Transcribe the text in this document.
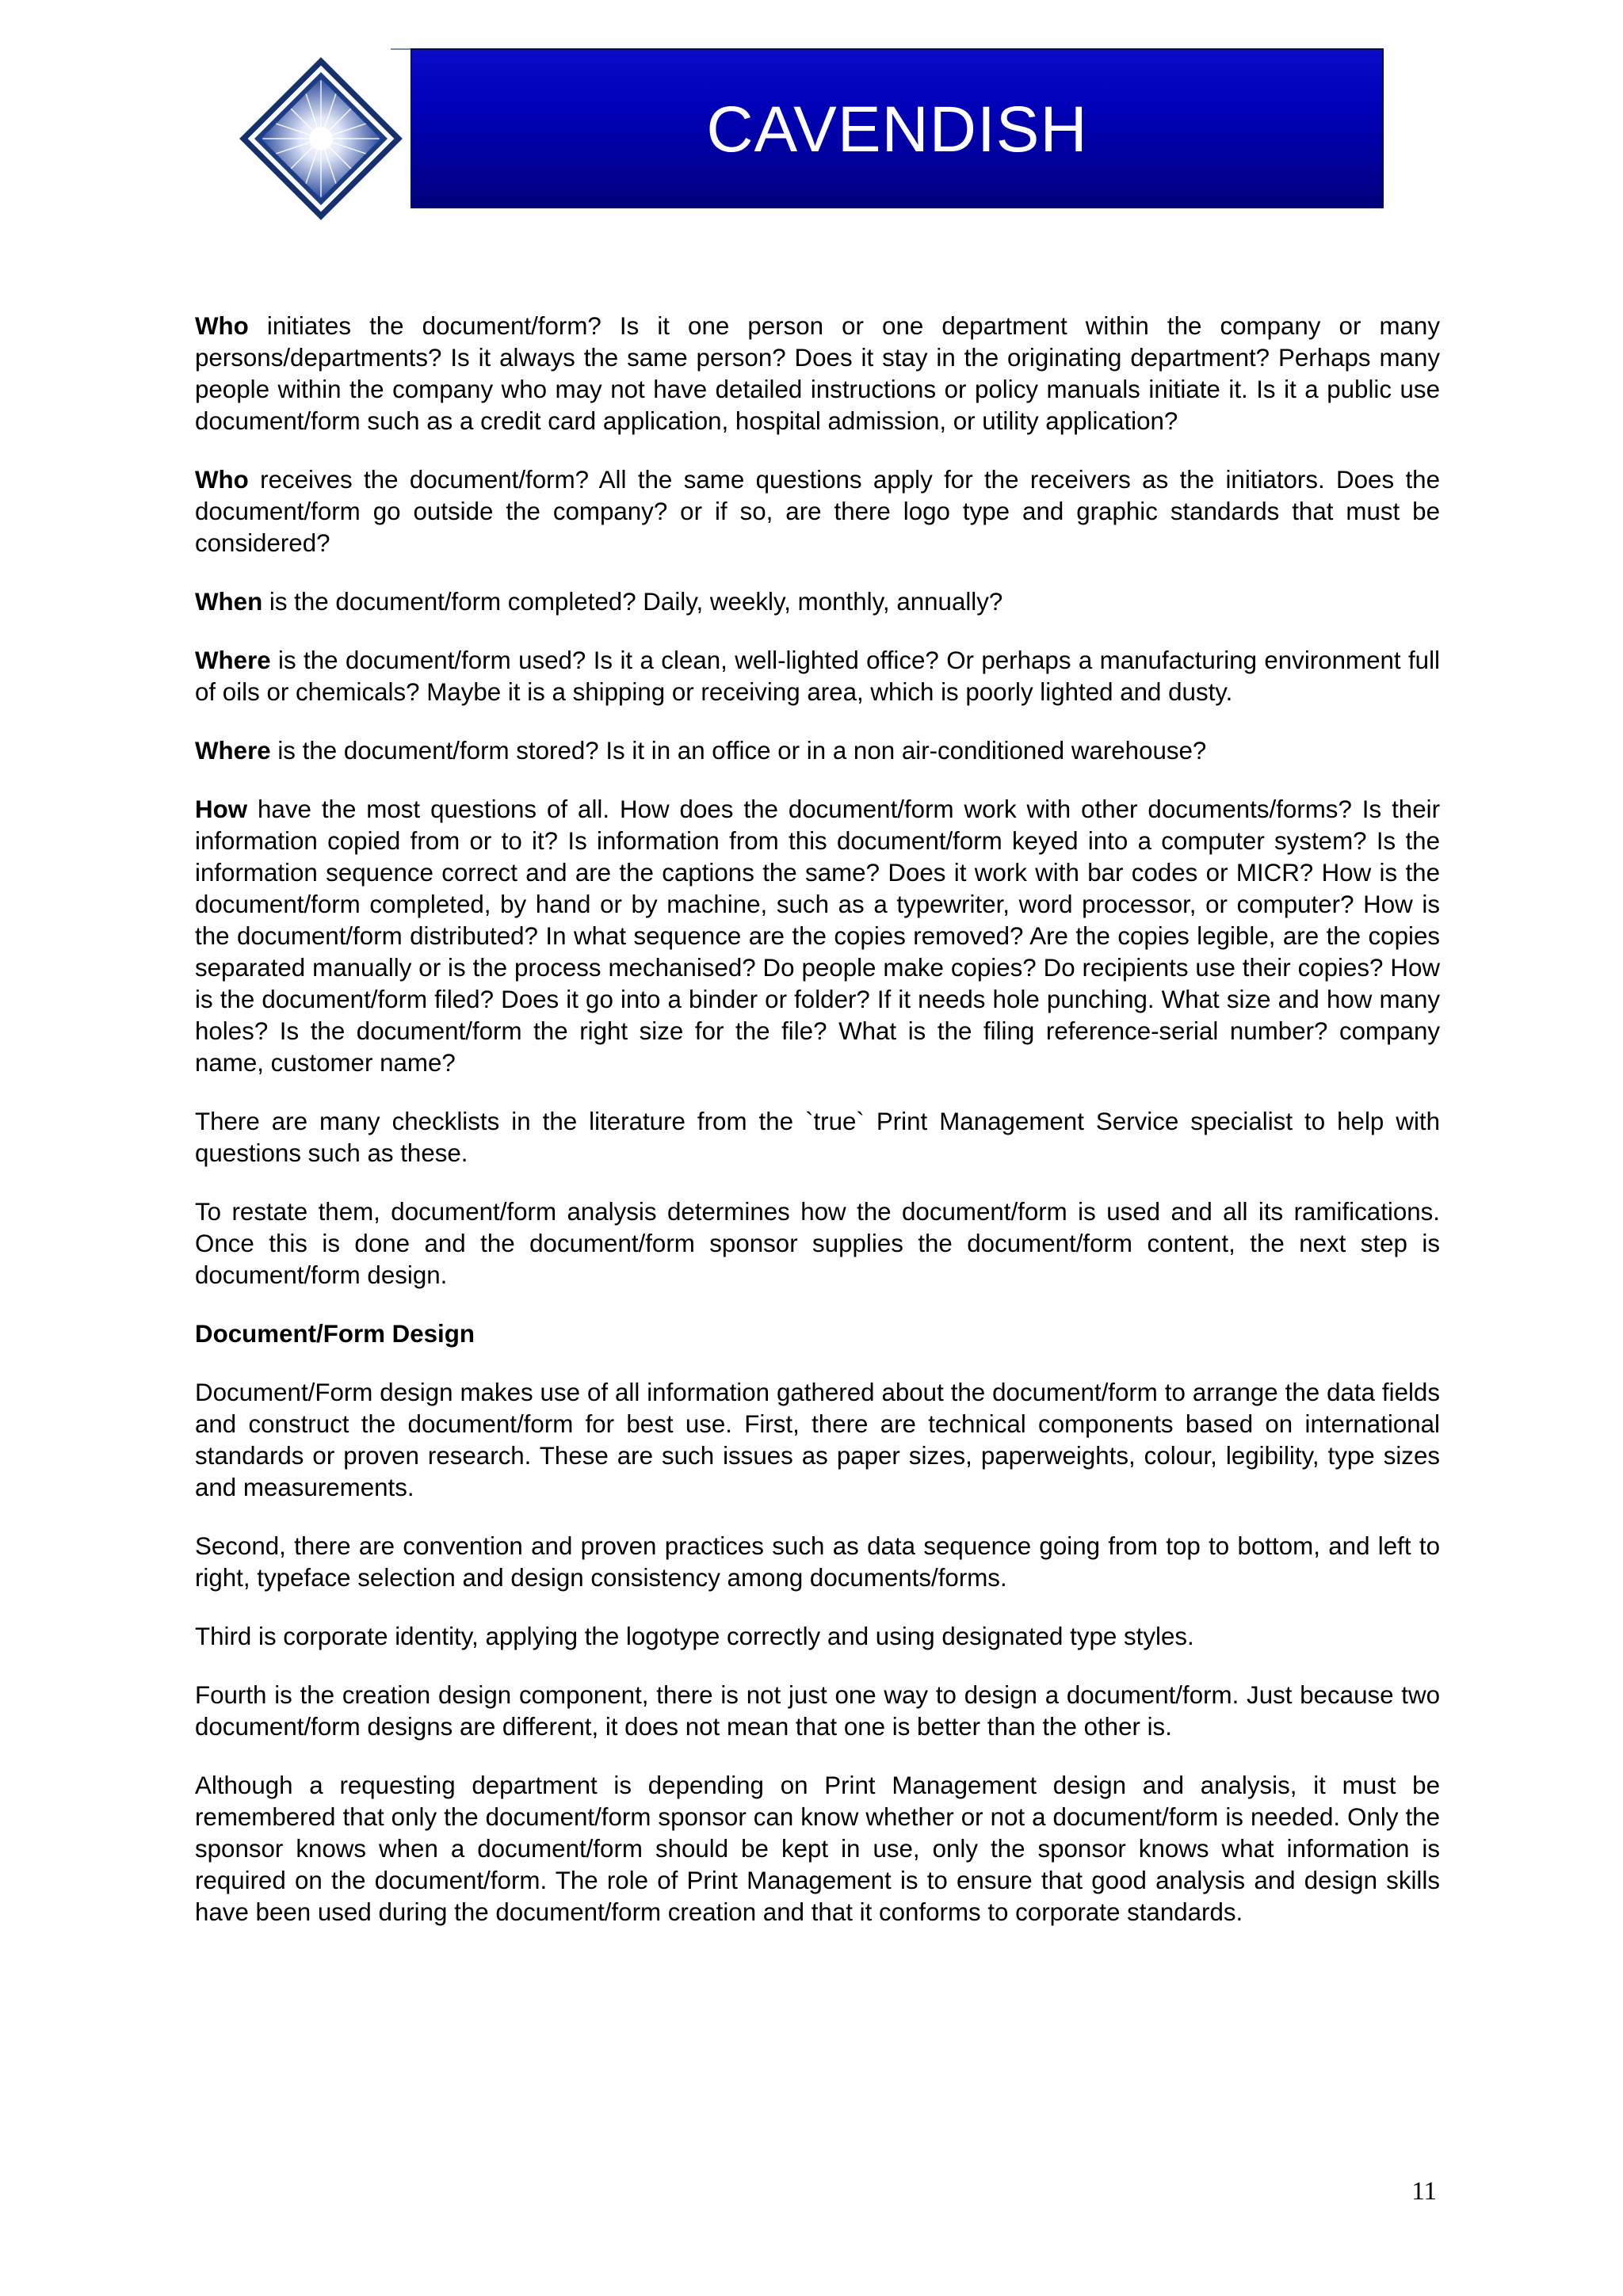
CAVENDISH

Who initiates the document/form? Is it one person or one department within the company or many persons/departments? Is it always the same person? Does it stay in the originating department? Perhaps many people within the company who may not have detailed instructions or policy manuals initiate it. Is it a public use document/form such as a credit card application, hospital admission, or utility application?

Who receives the document/form? All the same questions apply for the receivers as the initiators. Does the document/form go outside the company? or if so, are there logo type and graphic standards that must be considered?

When is the document/form completed? Daily, weekly, monthly, annually?

Where is the document/form used? Is it a clean, well-lighted office? Or perhaps a manufacturing environment full of oils or chemicals? Maybe it is a shipping or receiving area, which is poorly lighted and dusty.

Where is the document/form stored? Is it in an office or in a non air-conditioned warehouse?

How have the most questions of all. How does the document/form work with other documents/forms? Is their information copied from or to it? Is information from this document/form keyed into a computer system? Is the information sequence correct and are the captions the same? Does it work with bar codes or MICR? How is the document/form completed, by hand or by machine, such as a typewriter, word processor, or computer? How is the document/form distributed? In what sequence are the copies removed? Are the copies legible, are the copies separated manually or is the process mechanised? Do people make copies? Do recipients use their copies? How is the document/form filed? Does it go into a binder or folder? If it needs hole punching. What size and how many holes? Is the document/form the right size for the file? What is the filing reference-serial number? company name, customer name?

There are many checklists in the literature from the `true` Print Management Service specialist to help with questions such as these.

To restate them, document/form analysis determines how the document/form is used and all its ramifications. Once this is done and the document/form sponsor supplies the document/form content, the next step is document/form design.

Document/Form Design

Document/Form design makes use of all information gathered about the document/form to arrange the data fields and construct the document/form for best use. First, there are technical components based on international standards or proven research. These are such issues as paper sizes, paperweights, colour, legibility, type sizes and measurements.

Second, there are convention and proven practices such as data sequence going from top to bottom, and left to right, typeface selection and design consistency among documents/forms.

Third is corporate identity, applying the logotype correctly and using designated type styles.

Fourth is the creation design component, there is not just one way to design a document/form. Just because two document/form designs are different, it does not mean that one is better than the other is.

Although a requesting department is depending on Print Management design and analysis, it must be remembered that only the document/form sponsor can know whether or not a document/form is needed. Only the sponsor knows when a document/form should be kept in use, only the sponsor knows what information is required on the document/form. The role of Print Management is to ensure that good analysis and design skills have been used during the document/form creation and that it conforms to corporate standards.

11
